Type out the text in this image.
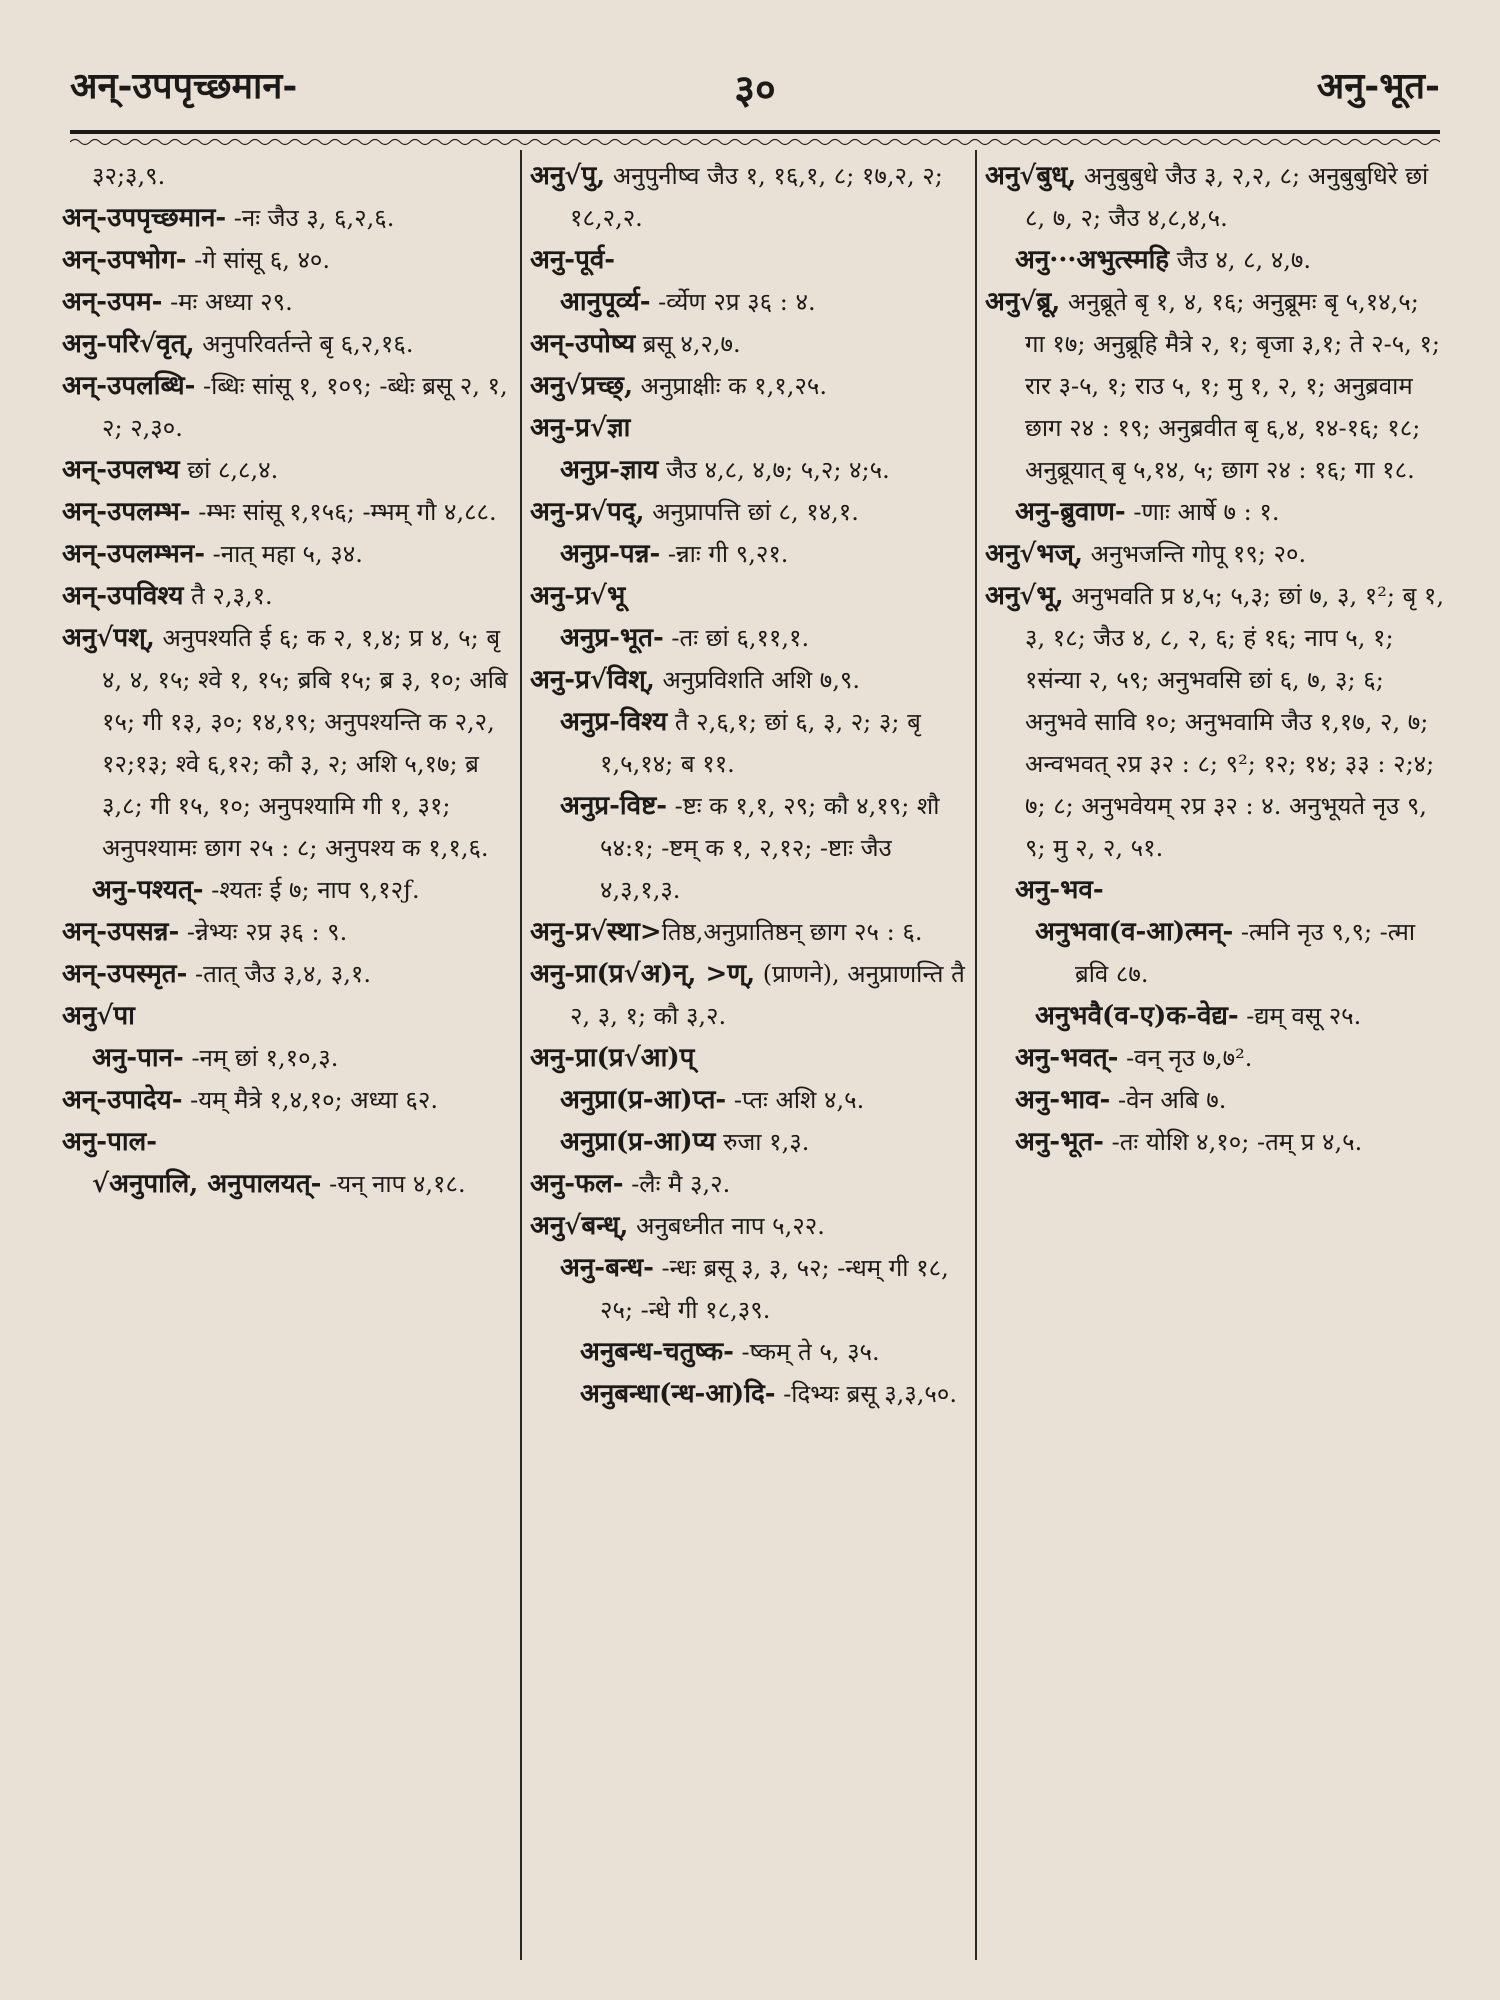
अन्-उपपृच्छमान-	३०	अनु-भूत-

३२;३,९.

अन्-उपपृच्छमान- -नः जैउ ३, ६,२,६.

अन्-उपभोग- -गे सांसू ६, ४०.

अन्-उपम- -मः अध्या २९.

अनु-परि√वृत्, अनुपरिवर्तन्ते बृ ६,२,१६.

अन्-उपलब्धि- -ब्धिः सांसू १, १०९; -ब्धेः ब्रसू २, १, २; २,३०.

अन्-उपलभ्य छां ८,८,४.

अन्-उपलम्भ- -म्भः सांसू १,१५६; -म्भम् गौ ४,८८.

अन्-उपलम्भन- -नात् महा ५, ३४.

अन्-उपविश्य तै २,३,१.

अनु√पश्, अनुपश्यति ई ६; क २, १,४; प्र ४, ५; बृ ४, ४, १५; श्वे १, १५; ब्रबि १५; ब्र ३, १०; अबि १५; गी १३, ३०; १४,१९; अनुपश्यन्ति क २,२, १२;१३; श्वे ६,१२; कौ ३, २; अशि ५,१७; ब्र ३,८; गी १५, १०; अनुपश्यामि गी १, ३१; अनुपश्यामः छाग २५ : ८; अनुपश्य क १,१,६.

अनु-पश्यत्- -श्यतः ई ७; नाप ९,१२ƒ.

अन्-उपसन्न- -न्नेभ्यः २प्र ३६ : ९.

अन्-उपस्मृत- -तात् जैउ ३,४, ३,१.

अनु√पा

अनु-पान- -नम् छां १,१०,३.

अन्-उपादेय- -यम् मैत्रे १,४,१०; अध्या ६२.

अनु-पाल-

√अनुपालि, अनुपालयत्- -यन् नाप ४,१८.

अनु√पु, अनुपुनीष्व जैउ १, १६,१, ८; १७,२, २; १८,२,२.

अनु-पूर्व-

आनुपूर्व्य- -र्व्येण २प्र ३६ : ४.

अन्-उपोष्य ब्रसू ४,२,७.

अनु√प्रच्छ्, अनुप्राक्षीः क १,१,२५.

अनु-प्र√ज्ञा

अनुप्र-ज्ञाय जैउ ४,८, ४,७; ५,२; ४;५.

अनु-प्र√पद्, अनुप्रापत्ति छां ८, १४,१.

अनुप्र-पन्न- -न्नाः गी ९,२१.

अनु-प्र√भू

अनुप्र-भूत- -तः छां ६,११,१.

अनु-प्र√विश्, अनुप्रविशति अशि ७,९.

अनुप्र-विश्य तै २,६,१; छां ६, ३, २; ३; बृ १,५,१४; ब ११.

अनुप्र-विष्ट- -ष्टः क १,१, २९; कौ ४,१९; शौ ५४:१; -ष्टम् क १, २,१२; -ष्टाः जैउ ४,३,१,३.

अनु-प्र√स्था>तिष्ठ,अनुप्रातिष्ठन् छाग २५ : ६.

अनु-प्रा(प्र√अ)न्, >ण्, (प्राणने), अनुप्राणन्ति तै २, ३, १; कौ ३,२.

अनु-प्रा(प्र√आ)प्

अनुप्रा(प्र-आ)प्त- -प्तः अशि ४,५.

अनुप्रा(प्र-आ)प्य रुजा १,३.

अनु-फल- -लैः मै ३,२.

अनु√बन्ध्, अनुबध्नीत नाप ५,२२.

अनु-बन्ध- -न्धः ब्रसू ३, ३, ५२; -न्धम् गी १८, २५; -न्धे गी १८,३९.

अनुबन्ध-चतुष्क- -ष्कम् ते ५, ३५.

अनुबन्धा(न्ध-आ)दि- -दिभ्यः ब्रसू ३,३,५०.

अनु√बुध्, अनुबुबुधे जैउ ३, २,२, ८; अनुबुबुधिरे छां ८, ७, २; जैउ ४,८,४,५.

अनु···अभुत्स्महि जैउ ४, ८, ४,७.

अनु√ब्रू, अनुब्रूते बृ १, ४, १६; अनुब्रूमः बृ ५,१४,५; गा १७; अनुब्रूहि मैत्रे २, १; बृजा ३,१; ते २-५, १; रार ३-५, १; राउ ५, १; मु १, २, १; अनुब्रवाम छाग २४ : १९; अनुब्रवीत बृ ६,४, १४-१६; १८; अनुब्रूयात् बृ ५,१४, ५; छाग २४ : १६; गा १८.

अनु-ब्रुवाण- -णाः आर्षे ७ : १.

अनु√भज्, अनुभजन्ति गोपू १९; २०.

अनु√भू, अनुभवति प्र ४,५; ५,३; छां ७, ३, १²; बृ १, ३, १८; जैउ ४, ८, २, ६; हं १६; नाप ५, १; १संन्या २, ५९; अनुभवसि छां ६, ७, ३; ६; अनुभवे सावि १०; अनुभवामि जैउ १,१७, २, ७; अन्वभवत् २प्र ३२ : ८; ९²; १२; १४; ३३ : २;४; ७; ८; अनुभवेयम् २प्र ३२ : ४. अनुभूयते नृउ ९, ९; मु २, २, ५१.

अनु-भव-

अनुभवा(व-आ)त्मन्- -त्मनि नृउ ९,९; -त्मा ब्रवि ८७.

अनुभवै(व-ए)क-वेद्य- -द्यम् वसू २५.

अनु-भवत्- -वन् नृउ ७,७².

अनु-भाव- -वेन अबि ७.

अनु-भूत- -तः योशि ४,१०; -तम् प्र ४,५.
